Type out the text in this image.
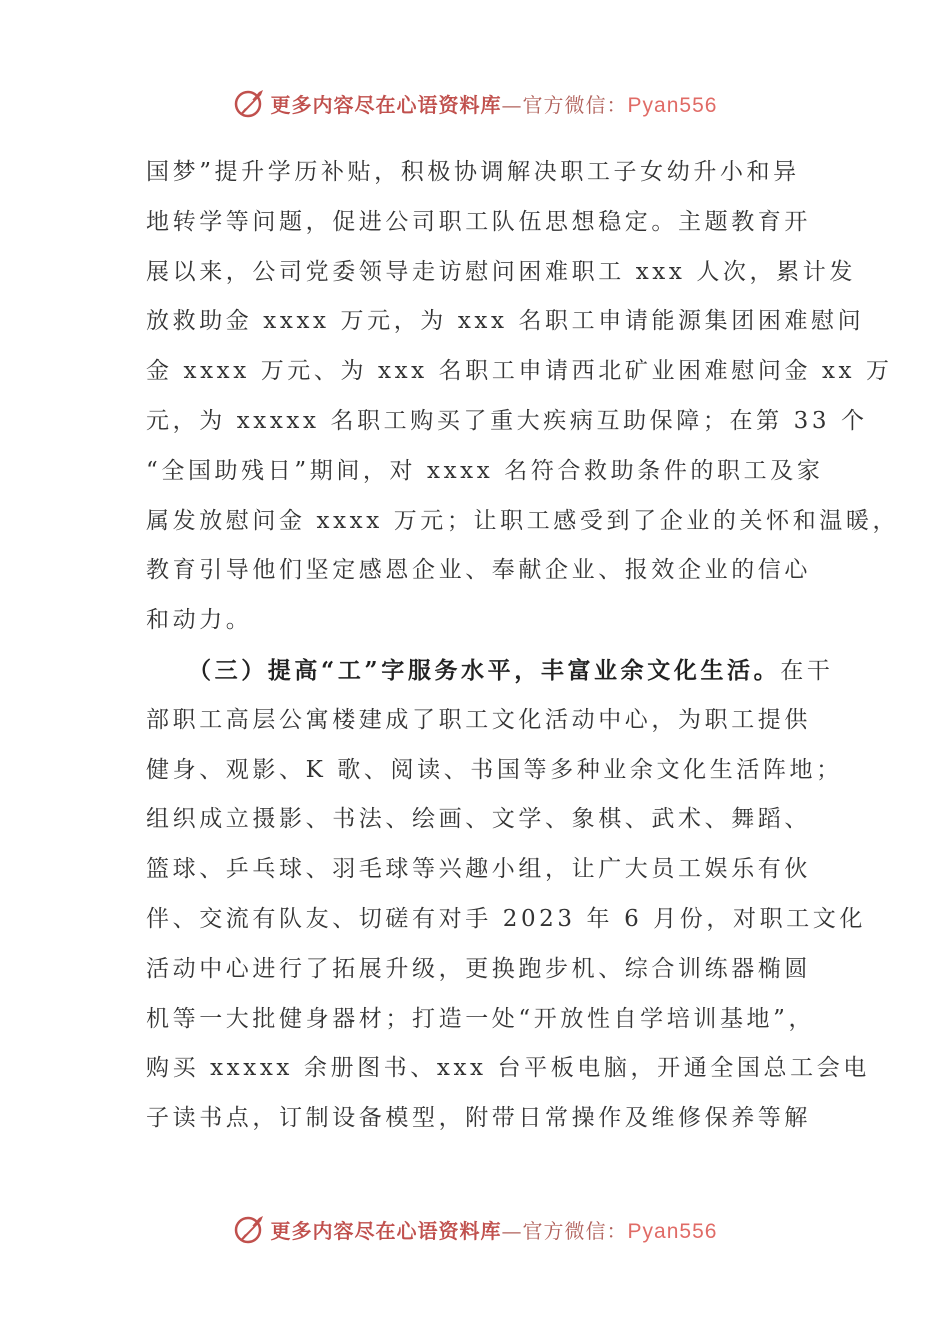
更多内容尽在心语资料库—官方微信：Pyan556
国梦”提升学历补贴，积极协调解决职工子女幼升小和异
地转学等问题，促进公司职工队伍思想稳定。主题教育开
展以来，公司党委领导走访慰问困难职工 xxx 人次，累计发
放救助金 xxxx 万元，为 xxx 名职工申请能源集团困难慰问
金 xxxx 万元、为 xxx 名职工申请西北矿业困难慰问金 xx 万
元，为 xxxxx 名职工购买了重大疾病互助保障；在第 33 个
“全国助残日”期间，对 xxxx 名符合救助条件的职工及家
属发放慰问金 xxxx 万元；让职工感受到了企业的关怀和温暖，
教育引导他们坚定感恩企业、奉献企业、报效企业的信心
和动力。
（三）提高“工”字服务水平，丰富业余文化生活。在干
部职工高层公寓楼建成了职工文化活动中心，为职工提供
健身、观影、K 歌、阅读、书国等多种业余文化生活阵地；
组织成立摄影、书法、绘画、文学、象棋、武术、舞蹈、
篮球、乒乓球、羽毛球等兴趣小组，让广大员工娱乐有伙
伴、交流有队友、切磋有对手 2023 年 6 月份，对职工文化
活动中心进行了拓展升级，更换跑步机、综合训练器椭圆
机等一大批健身器材；打造一处“开放性自学培训基地”，
购买 xxxxx 余册图书、xxx 台平板电脑，开通全国总工会电
子读书点，订制设备模型，附带日常操作及维修保养等解
更多内容尽在心语资料库—官方微信：Pyan556
